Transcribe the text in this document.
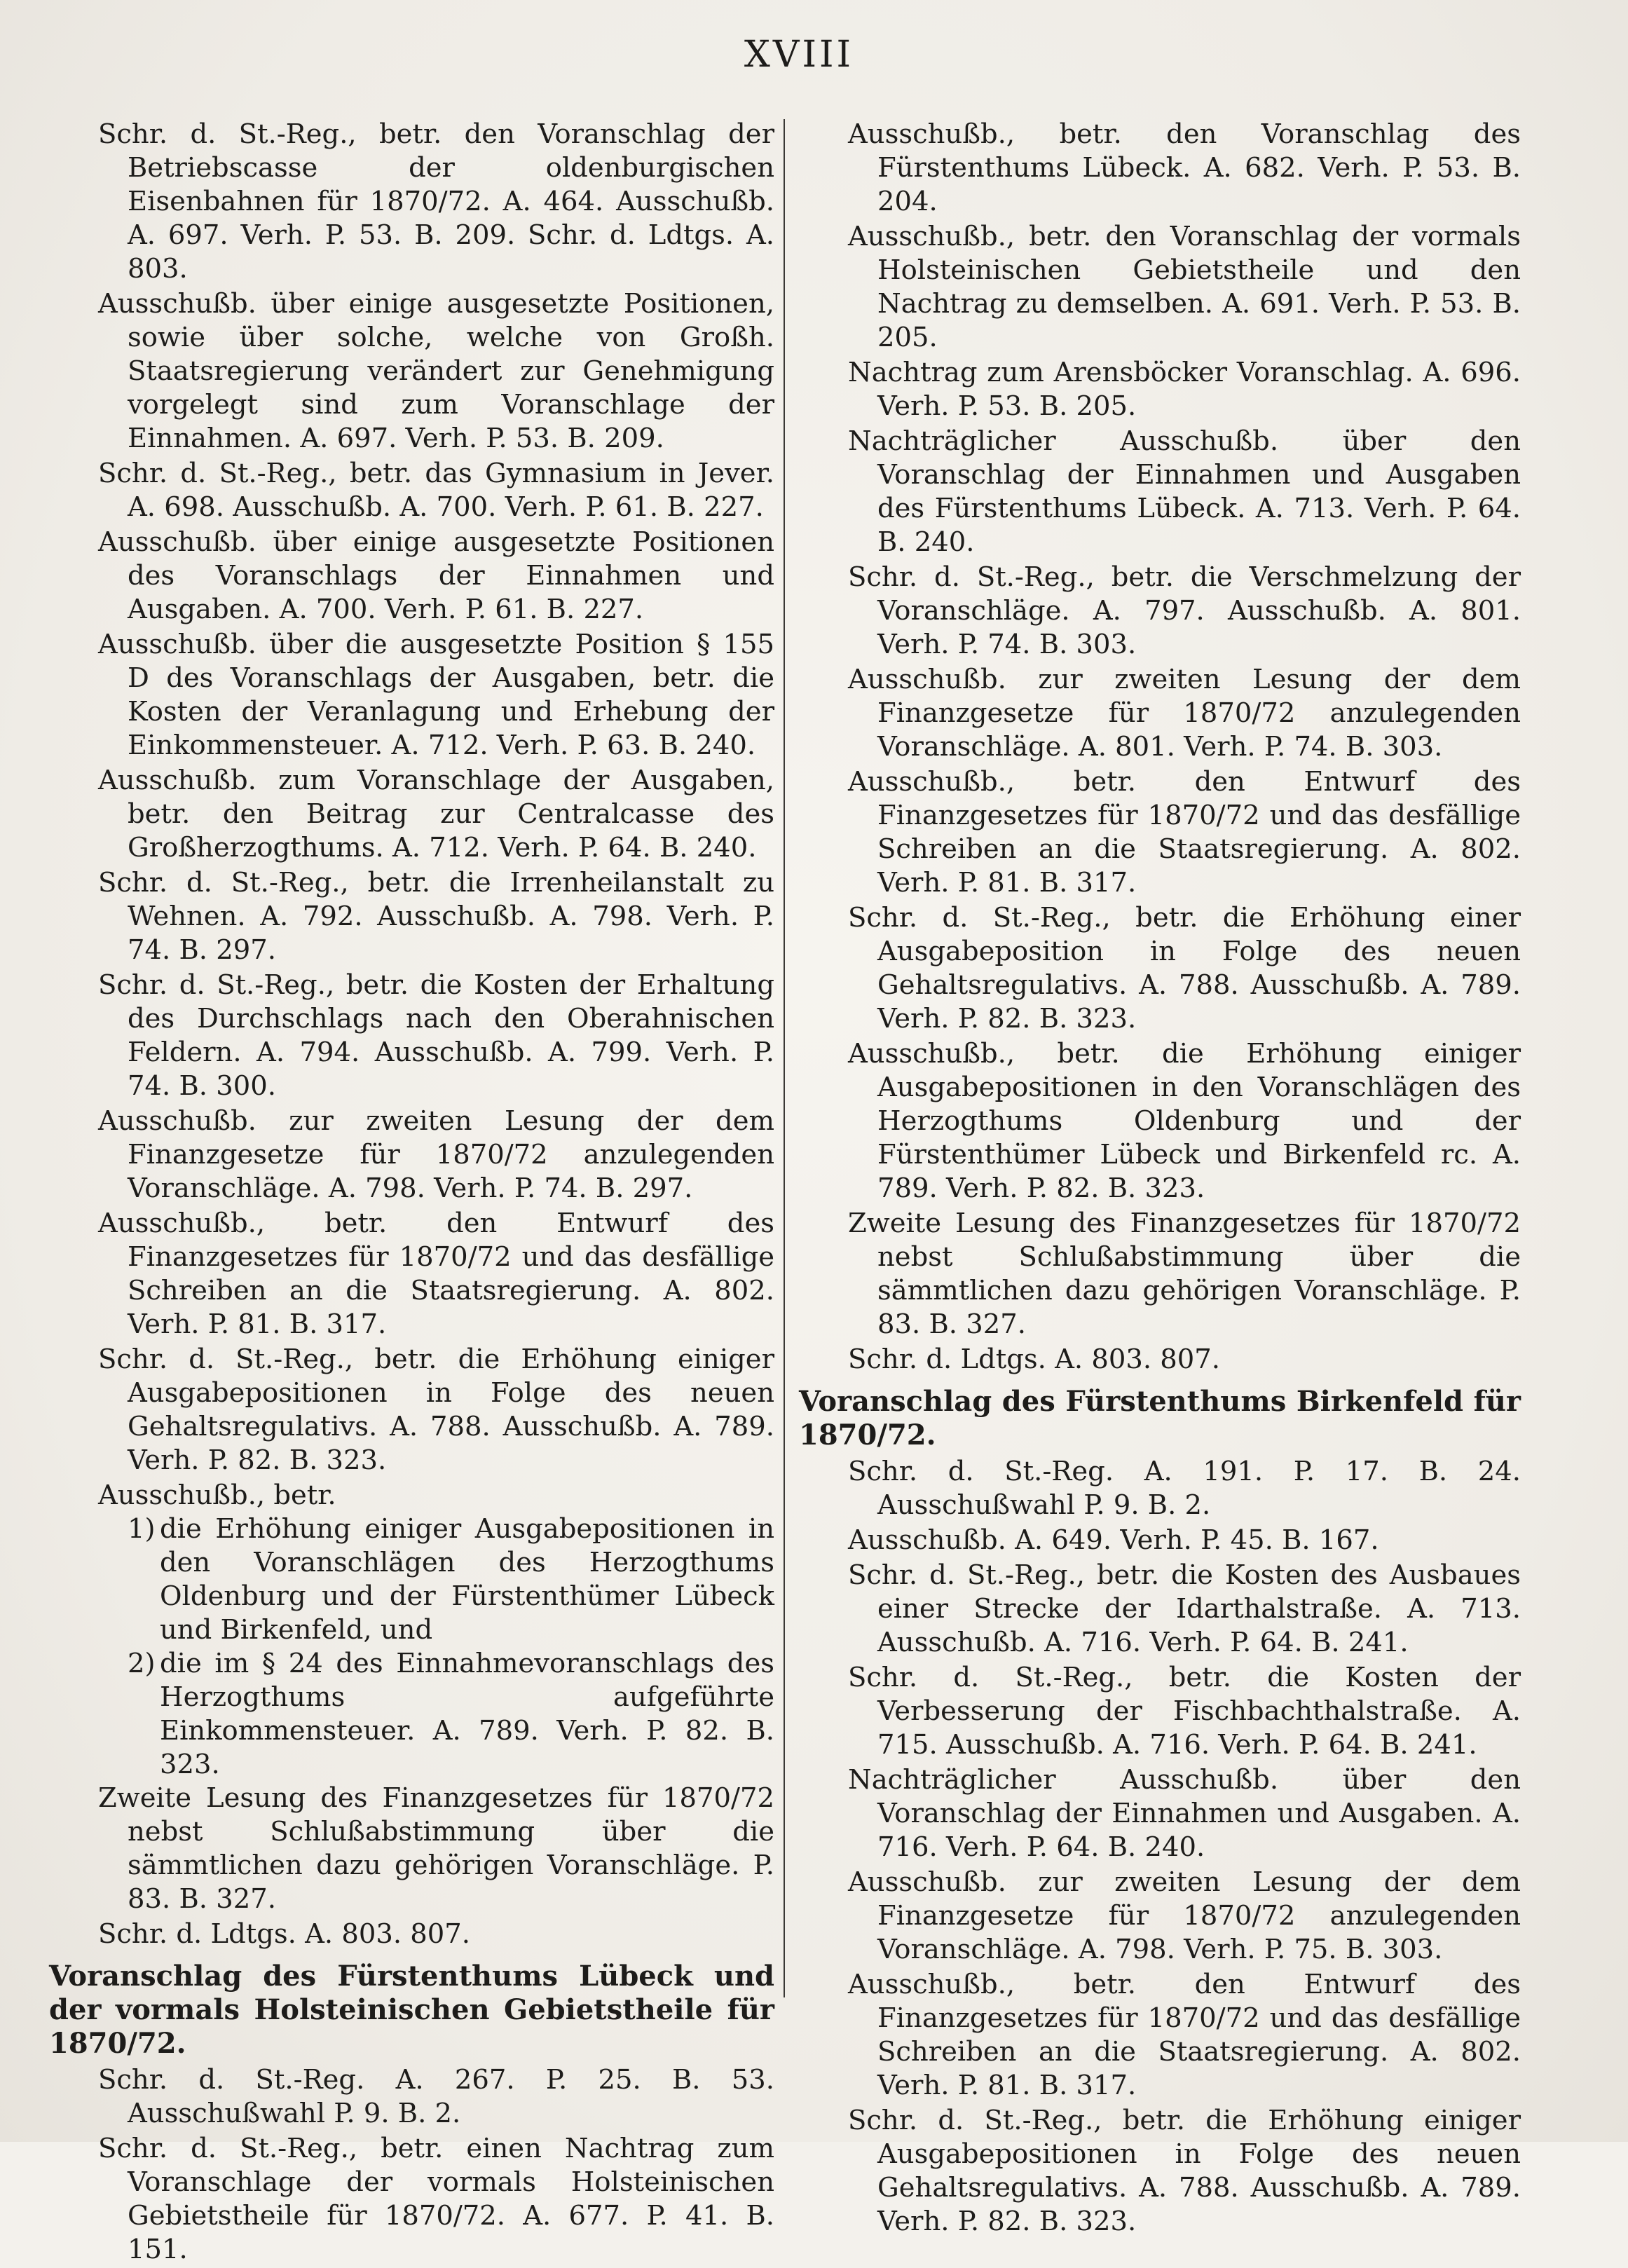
XVIII
Schr. d. St.-Reg., betr. den Voranschlag der Betriebscasse der oldenburgischen Eisenbahnen für 1870/72. A. 464. Ausschußb. A. 697. Verh. P. 53. B. 209. Schr. d. Ldtgs. A. 803.
Ausschußb. über einige ausgesetzte Positionen, sowie über solche, welche von Großh. Staatsregierung verändert zur Genehmigung vorgelegt sind zum Voranschlage der Einnahmen. A. 697. Verh. P. 53. B. 209.
Schr. d. St.-Reg., betr. das Gymnasium in Jever. A. 698. Ausschußb. A. 700. Verh. P. 61. B. 227.
Ausschußb. über einige ausgesetzte Positionen des Voranschlags der Einnahmen und Ausgaben. A. 700. Verh. P. 61. B. 227.
Ausschußb. über die ausgesetzte Position § 155 D des Voranschlags der Ausgaben, betr. die Kosten der Veranlagung und Erhebung der Einkommensteuer. A. 712. Verh. P. 63. B. 240.
Ausschußb. zum Voranschlage der Ausgaben, betr. den Beitrag zur Centralcasse des Großherzogthums. A. 712. Verh. P. 64. B. 240.
Schr. d. St.-Reg., betr. die Irrenheilanstalt zu Wehnen. A. 792. Ausschußb. A. 798. Verh. P. 74. B. 297.
Schr. d. St.-Reg., betr. die Kosten der Erhaltung des Durchschlags nach den Oberahnischen Feldern. A. 794. Ausschußb. A. 799. Verh. P. 74. B. 300.
Ausschußb. zur zweiten Lesung der dem Finanzgesetze für 1870/72 anzulegenden Voranschläge. A. 798. Verh. P. 74. B. 297.
Ausschußb., betr. den Entwurf des Finanzgesetzes für 1870/72 und das desfällige Schreiben an die Staatsregierung. A. 802. Verh. P. 81. B. 317.
Schr. d. St.-Reg., betr. die Erhöhung einiger Ausgabepositionen in Folge des neuen Gehaltsregulativs. A. 788. Ausschußb. A. 789. Verh. P. 82. B. 323.
Ausschußb., betr.
1) die Erhöhung einiger Ausgabepositionen in den Voranschlägen des Herzogthums Oldenburg und der Fürstenthümer Lübeck und Birkenfeld, und
2) die im § 24 des Einnahmevoranschlags des Herzogthums aufgeführte Einkommensteuer. A. 789. Verh. P. 82. B. 323.
Zweite Lesung des Finanzgesetzes für 1870/72 nebst Schlußabstimmung über die sämmtlichen dazu gehörigen Voranschläge. P. 83. B. 327.
Schr. d. Ldtgs. A. 803. 807.
Voranschlag des Fürstenthums Lübeck und der vormals Holsteinischen Gebietstheile für 1870/72.
Schr. d. St.-Reg. A. 267. P. 25. B. 53. Ausschußwahl P. 9. B. 2.
Schr. d. St.-Reg., betr. einen Nachtrag zum Voranschlage der vormals Holsteinischen Gebietstheile für 1870/72. A. 677. P. 41. B. 151.
Ausschußb., betr. den Voranschlag des Fürstenthums Lübeck. A. 682. Verh. P. 53. B. 204.
Ausschußb., betr. den Voranschlag der vormals Holsteinischen Gebietstheile und den Nachtrag zu demselben. A. 691. Verh. P. 53. B. 205.
Nachtrag zum Arensböcker Voranschlag. A. 696. Verh. P. 53. B. 205.
Nachträglicher Ausschußb. über den Voranschlag der Einnahmen und Ausgaben des Fürstenthums Lübeck. A. 713. Verh. P. 64. B. 240.
Schr. d. St.-Reg., betr. die Verschmelzung der Voranschläge. A. 797. Ausschußb. A. 801. Verh. P. 74. B. 303.
Ausschußb. zur zweiten Lesung der dem Finanzgesetze für 1870/72 anzulegenden Voranschläge. A. 801. Verh. P. 74. B. 303.
Ausschußb., betr. den Entwurf des Finanzgesetzes für 1870/72 und das desfällige Schreiben an die Staatsregierung. A. 802. Verh. P. 81. B. 317.
Schr. d. St.-Reg., betr. die Erhöhung einer Ausgabeposition in Folge des neuen Gehaltsregulativs. A. 788. Ausschußb. A. 789. Verh. P. 82. B. 323.
Ausschußb., betr. die Erhöhung einiger Ausgabepositionen in den Voranschlägen des Herzogthums Oldenburg und der Fürstenthümer Lübeck und Birkenfeld rc. A. 789. Verh. P. 82. B. 323.
Zweite Lesung des Finanzgesetzes für 1870/72 nebst Schlußabstimmung über die sämmtlichen dazu gehörigen Voranschläge. P. 83. B. 327.
Schr. d. Ldtgs. A. 803. 807.
Voranschlag des Fürstenthums Birkenfeld für 1870/72.
Schr. d. St.-Reg. A. 191. P. 17. B. 24. Ausschußwahl P. 9. B. 2.
Ausschußb. A. 649. Verh. P. 45. B. 167.
Schr. d. St.-Reg., betr. die Kosten des Ausbaues einer Strecke der Idarthalstraße. A. 713. Ausschußb. A. 716. Verh. P. 64. B. 241.
Schr. d. St.-Reg., betr. die Kosten der Verbesserung der Fischbachthalstraße. A. 715. Ausschußb. A. 716. Verh. P. 64. B. 241.
Nachträglicher Ausschußb. über den Voranschlag der Einnahmen und Ausgaben. A. 716. Verh. P. 64. B. 240.
Ausschußb. zur zweiten Lesung der dem Finanzgesetze für 1870/72 anzulegenden Voranschläge. A. 798. Verh. P. 75. B. 303.
Ausschußb., betr. den Entwurf des Finanzgesetzes für 1870/72 und das desfällige Schreiben an die Staatsregierung. A. 802. Verh. P. 81. B. 317.
Schr. d. St.-Reg., betr. die Erhöhung einiger Ausgabepositionen in Folge des neuen Gehaltsregulativs. A. 788. Ausschußb. A. 789. Verh. P. 82. B. 323.
